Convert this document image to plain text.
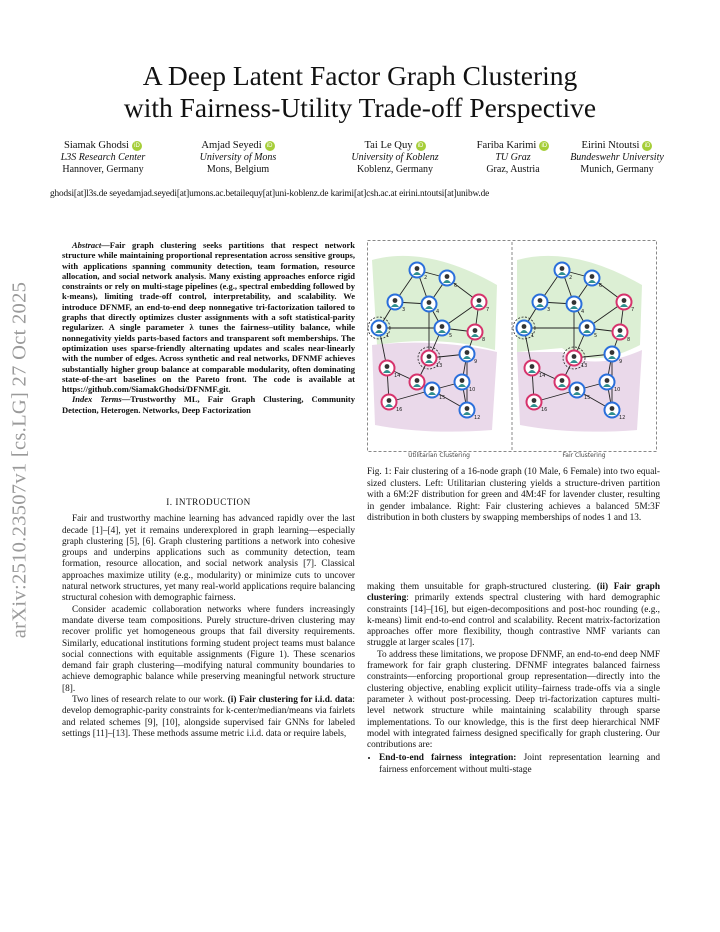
arXiv:2510.23507v1 [cs.LG] 27 Oct 2025
A Deep Latent Factor Graph Clustering
with Fairness-Utility Trade-off Perspective
Siamak Ghodsi iD
L3S Research Center
Hannover, Germany
Amjad Seyedi iD
University of Mons
Mons, Belgium
Tai Le Quy iD
University of Koblenz
Koblenz, Germany
Fariba Karimi iD
TU Graz
Graz, Austria
Eirini Ntoutsi iD
Bundeswehr University
Munich, Germany
ghodsi[at]l3s.de seyedamjad.seyedi[at]umons.ac.betailequy[at]uni-koblenz.de karimi[at]csh.ac.at eirini.ntoutsi[at]unibw.de

Abstract—Fair graph clustering seeks partitions that respect network structure while maintaining proportional representation across sensitive groups, with applications spanning community detection, team formation, resource allocation, and social network analysis. Many existing approaches enforce rigid constraints or rely on multi-stage pipelines (e.g., spectral embedding followed by k-means), limiting trade-off control, interpretability, and scalability. We introduce DFNMF, an end-to-end deep nonnegative tri-factorization tailored to graphs that directly optimizes cluster assignments with a soft statistical-parity regularizer. A single parameter λ tunes the fairness–utility balance, while nonnegativity yields parts-based factors and transparent soft memberships. The optimization uses sparse-friendly alternating updates and scales near-linearly with the number of edges. Across synthetic and real networks, DFNMF achieves substantially higher group balance at comparable modularity, often dominating state-of-the-art baselines on the Pareto front. The code is available at https://github.com/SiamakGhodsi/DFNMF.git.

Index Terms—Trustworthy ML, Fair Graph Clustering, Community Detection, Heterogen. Networks, Deep Factorization

I. INTRODUCTION

Fair and trustworthy machine learning has advanced rapidly over the last decade [1]–[4], yet it remains underexplored in graph learning—especially graph clustering [5], [6]. Graph clustering partitions a network into cohesive groups and underpins applications such as community detection, team formation, resource allocation, and social network analysis [7]. Classical approaches maximize utility (e.g., modularity) or minimize cuts to uncover natural network structures, yet many real-world applications require balancing structural cohesion with demographic fairness.

Consider academic collaboration networks where funders increasingly mandate diverse team compositions. Purely structure-driven clustering may recover prolific yet homogeneous groups that fail diversity requirements. Similarly, educational institutions forming student project teams must balance social connections with equitable assignments (Figure 1). These scenarios demand fair graph clustering—modifying natural community boundaries to achieve demographic balance while preserving meaningful network structure [8].

Two lines of research relate to our work. (i) Fair clustering for i.i.d. data: develop demographic-parity constraints for k-center/median/means via fairlets and related schemes [9], [10], alongside supervised fair GNNs for labeled settings [11]–[13]. These methods assume metric i.i.d. data or require labels,

1
2
3	4
5
6
7
8
9
10
12
13
14
15
16
1
2
3	4
5
6
7
8
9
10
12
13
14
15
16
Utilitarian Clustering	Fair Clustering
Fig. 1: Fair clustering of a 16-node graph (10 Male, 6 Female) into two equal-sized clusters. Left: Utilitarian clustering yields a structure-driven partition with a 6M:2F distribution for green and 4M:4F for lavender cluster, resulting in gender imbalance. Right: Fair clustering achieves a balanced 5M:3F distribution in both clusters by swapping memberships of nodes 1 and 13.

making them unsuitable for graph-structured clustering. (ii) Fair graph clustering: primarily extends spectral clustering with hard demographic constraints [14]–[16], but eigen-decompositions and post-hoc rounding (e.g., k-means) limit end-to-end control and scalability. Recent matrix-factorization approaches offer more flexibility, though contrastive NMF variants can struggle at larger scales [17].

To address these limitations, we propose DFNMF, an end-to-end deep NMF framework for fair graph clustering. DFNMF integrates balanced fairness constraints—enforcing proportional group representation—directly into the clustering objective, enabling explicit utility–fairness trade-offs via a single parameter λ without post-processing. Deep tri-factorization captures multi-level network structure while maintaining scalability through sparse implementations. To our knowledge, this is the first deep hierarchical NMF model with integrated fairness designed specifically for graph clustering. Our contributions are:

• End-to-end fairness integration: Joint representation learning and fairness enforcement without multi-stage
